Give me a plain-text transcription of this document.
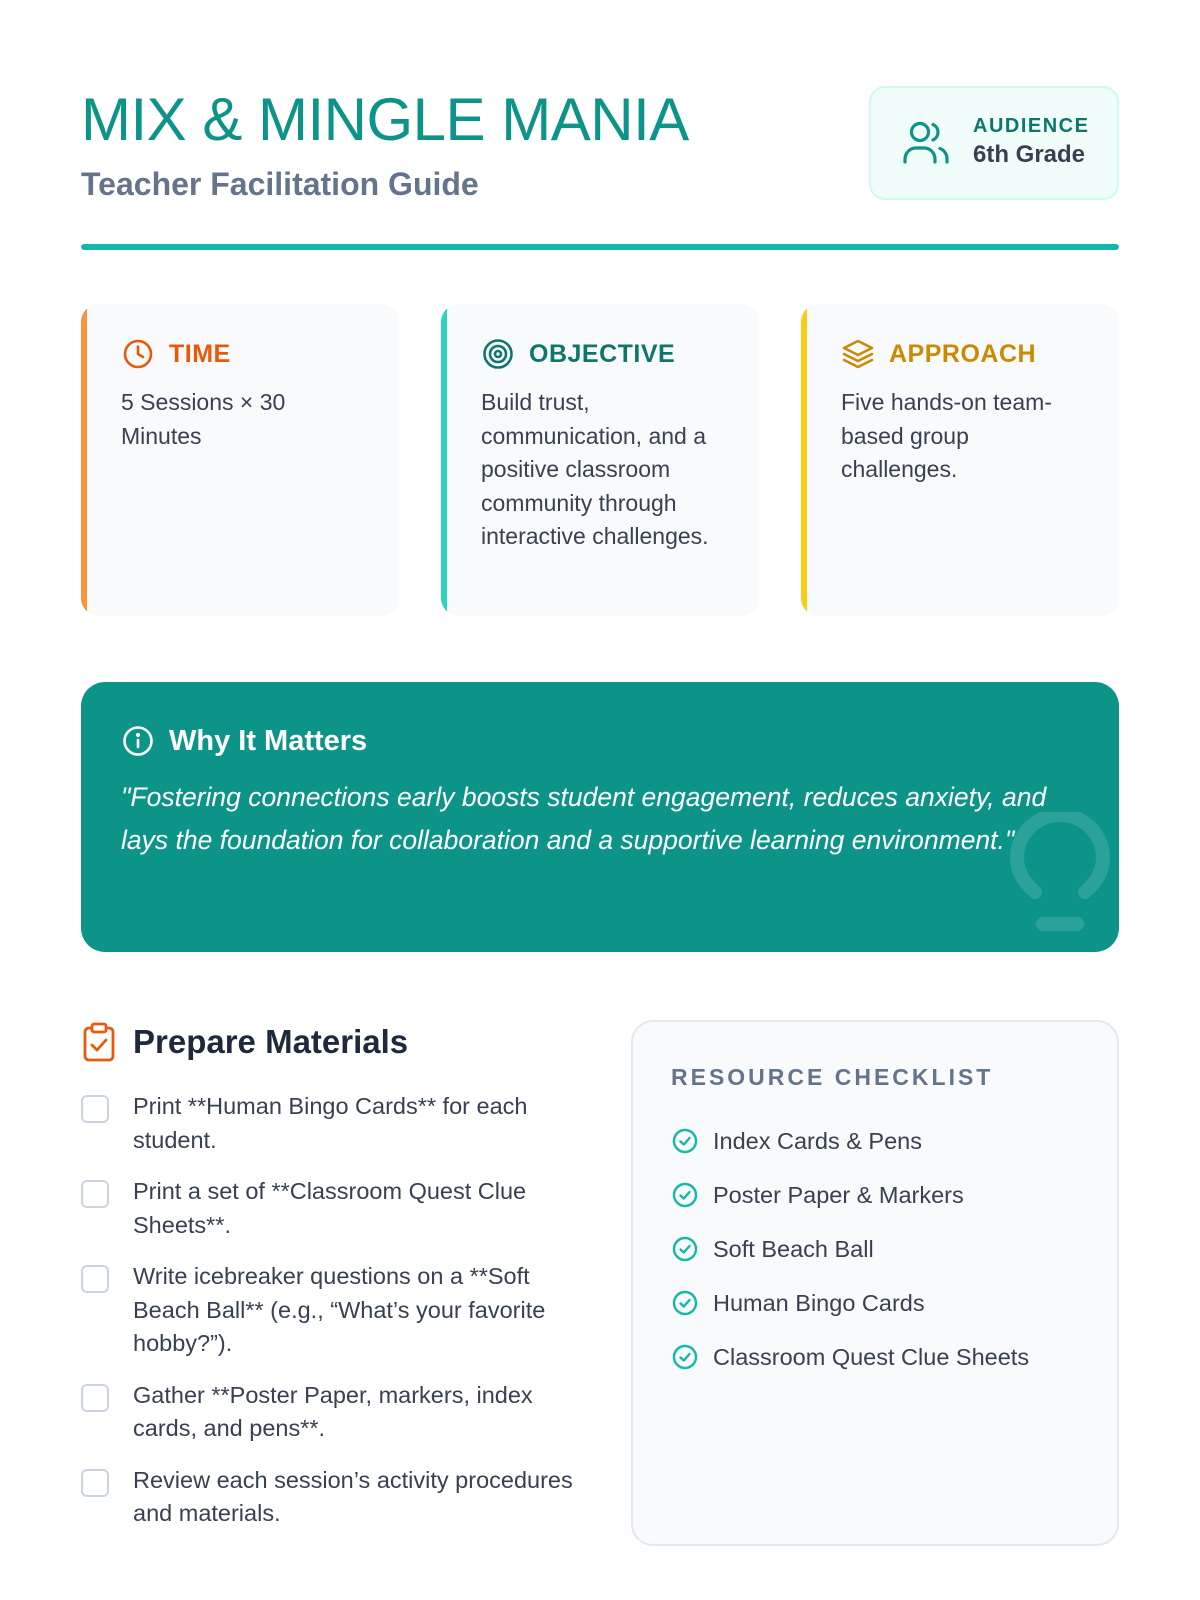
MIX & MINGLE MANIA
Teacher Facilitation Guide
AUDIENCE
6th Grade
TIME
5 Sessions × 30 Minutes
OBJECTIVE
Build trust, communication, and a positive classroom community through interactive challenges.
APPROACH
Five hands-on team-based group challenges.
Why It Matters
"Fostering connections early boosts student engagement, reduces anxiety, and lays the foundation for collaboration and a supportive learning environment."
Prepare Materials
Print **Human Bingo Cards** for each student.
Print a set of **Classroom Quest Clue Sheets**.
Write icebreaker questions on a **Soft Beach Ball** (e.g., “What’s your favorite hobby?”).
Gather **Poster Paper, markers, index cards, and pens**.
Review each session’s activity procedures and materials.
RESOURCE CHECKLIST
Index Cards & Pens
Poster Paper & Markers
Soft Beach Ball
Human Bingo Cards
Classroom Quest Clue Sheets
